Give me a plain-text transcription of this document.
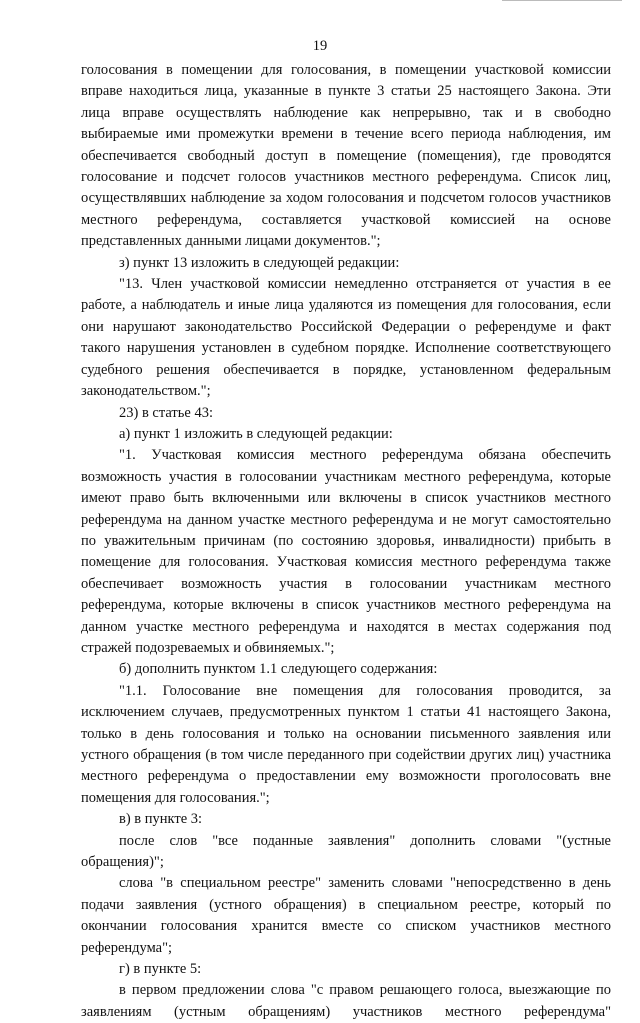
19

голосования в помещении для голосования, в помещении участковой комиссии вправе находиться лица, указанные в пункте 3 статьи 25 настоящего Закона. Эти лица вправе осуществлять наблюдение как непрерывно, так и в свободно выбираемые ими промежутки времени в течение всего периода наблюдения, им обеспечивается свободный доступ в помещение (помещения), где проводятся голосование и подсчет голосов участников местного референдума. Список лиц, осуществлявших наблюдение за ходом голосования и подсчетом голосов участников местного референдума, составляется участковой комиссией на основе представленных данными лицами документов.";

з) пункт 13 изложить в следующей редакции:

"13. Член участковой комиссии немедленно отстраняется от участия в ее работе, а наблюдатель и иные лица удаляются из помещения для голосования, если они нарушают законодательство Российской Федерации о референдуме и факт такого нарушения установлен в судебном порядке. Исполнение соответствующего судебного решения обеспечивается в порядке, установленном федеральным законодательством.";

23) в статье 43:

а) пункт 1 изложить в следующей редакции:

"1. Участковая комиссия местного референдума обязана обеспечить возможность участия в голосовании участникам местного референдума, которые имеют право быть включенными или включены в список участников местного референдума на данном участке местного референдума и не могут самостоятельно по уважительным причинам (по состоянию здоровья, инвалидности) прибыть в помещение для голосования. Участковая комиссия местного референдума также обеспечивает возможность участия в голосовании участникам местного референдума, которые включены в список участников местного референдума на данном участке местного референдума и находятся в местах содержания под стражей подозреваемых и обвиняемых.";

б) дополнить пунктом 1.1 следующего содержания:

"1.1. Голосование вне помещения для голосования проводится, за исключением случаев, предусмотренных пунктом 1 статьи 41 настоящего Закона, только в день голосования и только на основании письменного заявления или устного обращения (в том числе переданного при содействии других лиц) участника местного референдума о предоставлении ему возможности проголосовать вне помещения для голосования.";

в) в пункте 3:

после слов "все поданные заявления" дополнить словами "(устные обращения)";

слова "в специальном реестре" заменить словами "непосредственно в день подачи заявления (устного обращения) в специальном реестре, который по окончании голосования хранится вместе со списком участников местного референдума";

г) в пункте 5:

в первом предложении слова "с правом решающего голоса, выезжающие по заявлениям (устным обращениям) участников местного референдума"
